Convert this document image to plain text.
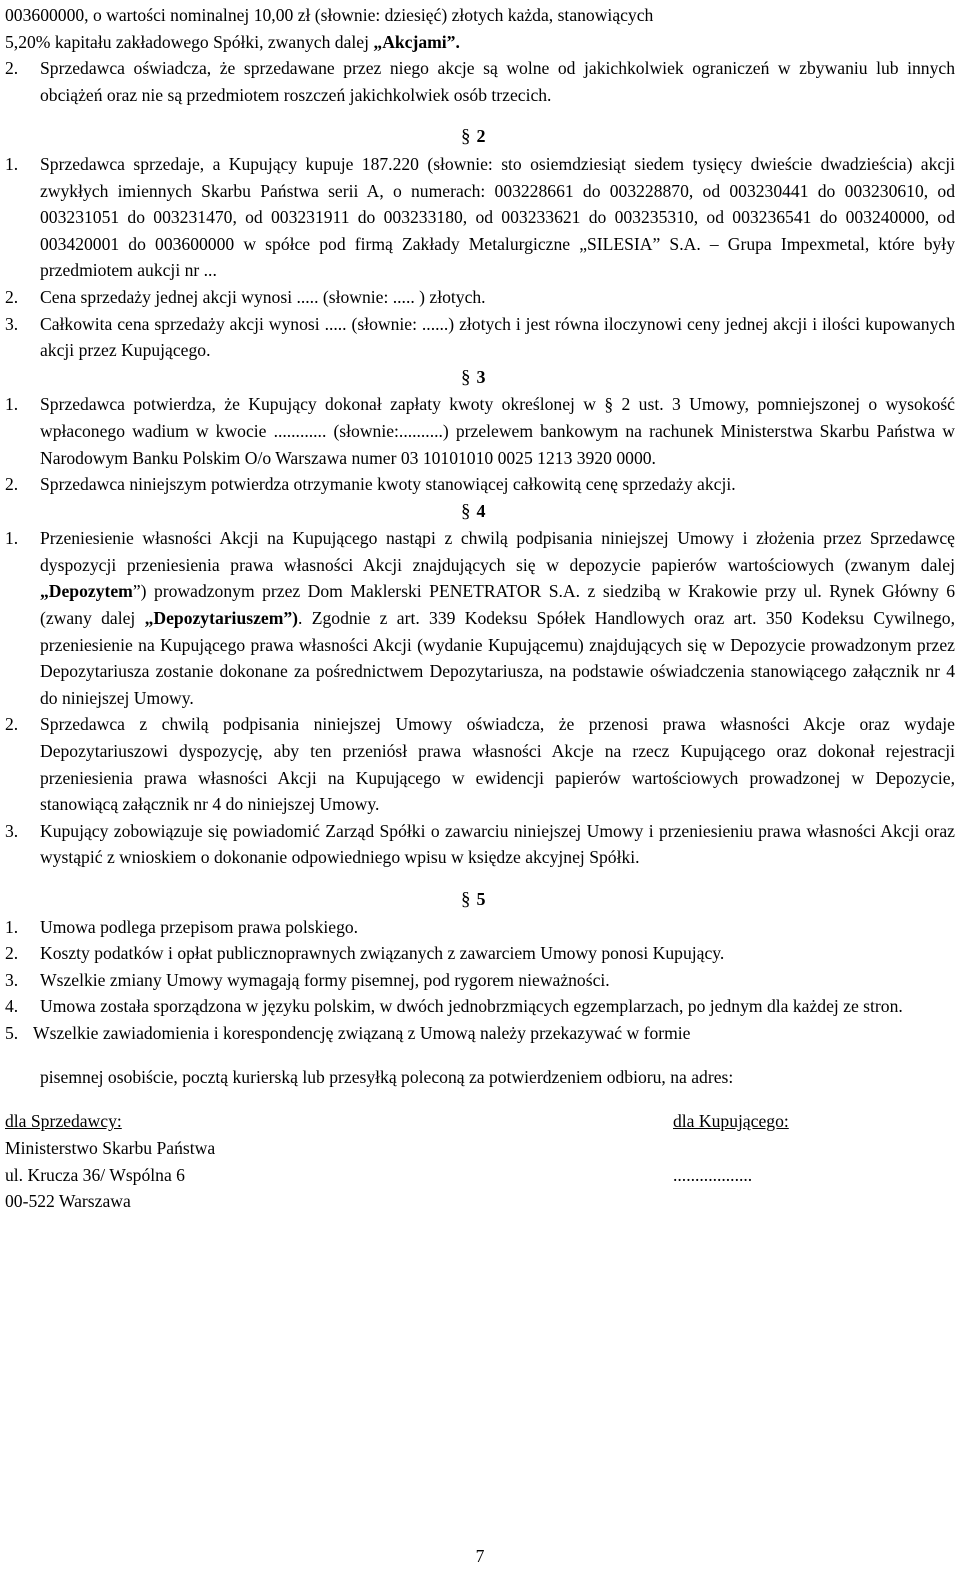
003600000, o wartości nominalnej 10,00 zł (słownie: dziesięć) złotych każda, stanowiących
5,20% kapitału zakładowego Spółki, zwanych dalej „Akcjami”.

2.	Sprzedawca oświadcza, że sprzedawane przez niego akcje są wolne od jakichkolwiek ograniczeń w zbywaniu lub innych obciążeń oraz nie są przedmiotem roszczeń jakichkolwiek osób trzecich.

§ 2

1.	Sprzedawca sprzedaje, a Kupujący kupuje 187.220 (słownie: sto osiemdziesiąt siedem tysięcy dwieście dwadzieścia) akcji zwykłych imiennych Skarbu Państwa serii A, o numerach: 003228661 do 003228870, od 003230441 do 003230610, od 003231051 do 003231470, od 003231911 do 003233180, od 003233621 do 003235310, od 003236541 do 003240000, od 003420001 do 003600000 w spółce pod firmą Zakłady Metalurgiczne „SILESIA” S.A. – Grupa Impexmetal, które były przedmiotem aukcji nr ...
2.	Cena sprzedaży jednej akcji wynosi ..... (słownie: ..... ) złotych.
3.	Całkowita cena sprzedaży akcji wynosi ..... (słownie: ......) złotych i jest równa iloczynowi ceny jednej akcji i ilości kupowanych akcji przez Kupującego.

§ 3

1.	Sprzedawca potwierdza, że Kupujący dokonał zapłaty kwoty określonej w § 2 ust. 3 Umowy, pomniejszonej o wysokość wpłaconego wadium w kwocie ............ (słownie:..........) przelewem bankowym na rachunek Ministerstwa Skarbu Państwa w Narodowym Banku Polskim O/o Warszawa numer 03 10101010 0025 1213 3920 0000.
2.	Sprzedawca niniejszym potwierdza otrzymanie kwoty stanowiącej całkowitą cenę sprzedaży akcji.

§ 4

1.	Przeniesienie własności Akcji na Kupującego nastąpi z chwilą podpisania niniejszej Umowy i złożenia przez Sprzedawcę dyspozycji przeniesienia prawa własności Akcji znajdujących się w depozycie papierów wartościowych (zwanym dalej „Depozytem”) prowadzonym przez Dom Maklerski PENETRATOR S.A. z siedzibą w Krakowie przy ul. Rynek Główny 6 (zwany dalej „Depozytariuszem”). Zgodnie z art. 339 Kodeksu Spółek Handlowych oraz art. 350 Kodeksu Cywilnego, przeniesienie na Kupującego prawa własności Akcji (wydanie Kupującemu) znajdujących się w Depozycie prowadzonym przez Depozytariusza zostanie dokonane za pośrednictwem Depozytariusza, na podstawie oświadczenia stanowiącego załącznik nr 4 do niniejszej Umowy.
2.	Sprzedawca z chwilą podpisania niniejszej Umowy oświadcza, że przenosi prawa własności Akcje oraz wydaje Depozytariuszowi dyspozycję, aby ten przeniósł prawa własności Akcje na rzecz Kupującego oraz dokonał rejestracji przeniesienia prawa własności Akcji na Kupującego w ewidencji papierów wartościowych prowadzonej w Depozycie, stanowiącą załącznik nr 4 do niniejszej Umowy.
3.	Kupujący zobowiązuje się powiadomić Zarząd Spółki o zawarciu niniejszej Umowy i przeniesieniu prawa własności Akcji oraz wystąpić z wnioskiem o dokonanie odpowiedniego wpisu w księdze akcyjnej Spółki.

§ 5

1.	Umowa podlega przepisom prawa polskiego.
2.	Koszty podatków i opłat publicznoprawnych związanych z zawarciem Umowy ponosi Kupujący.
3.	Wszelkie zmiany Umowy wymagają formy pisemnej, pod rygorem nieważności.
4.	Umowa została sporządzona w języku polskim, w dwóch jednobrzmiących egzemplarzach, po jednym dla każdej ze stron.
5. Wszelkie zawiadomienia i korespondencję związaną z Umową należy przekazywać w formie

pisemnej osobiście, pocztą kurierską lub przesyłką poleconą za potwierdzeniem odbioru, na adres:

dla Sprzedawcy:	dla Kupującego:
Ministerstwo Skarbu Państwa
ul. Krucza 36/ Wspólna 6	..................
00-522 Warszawa
7
